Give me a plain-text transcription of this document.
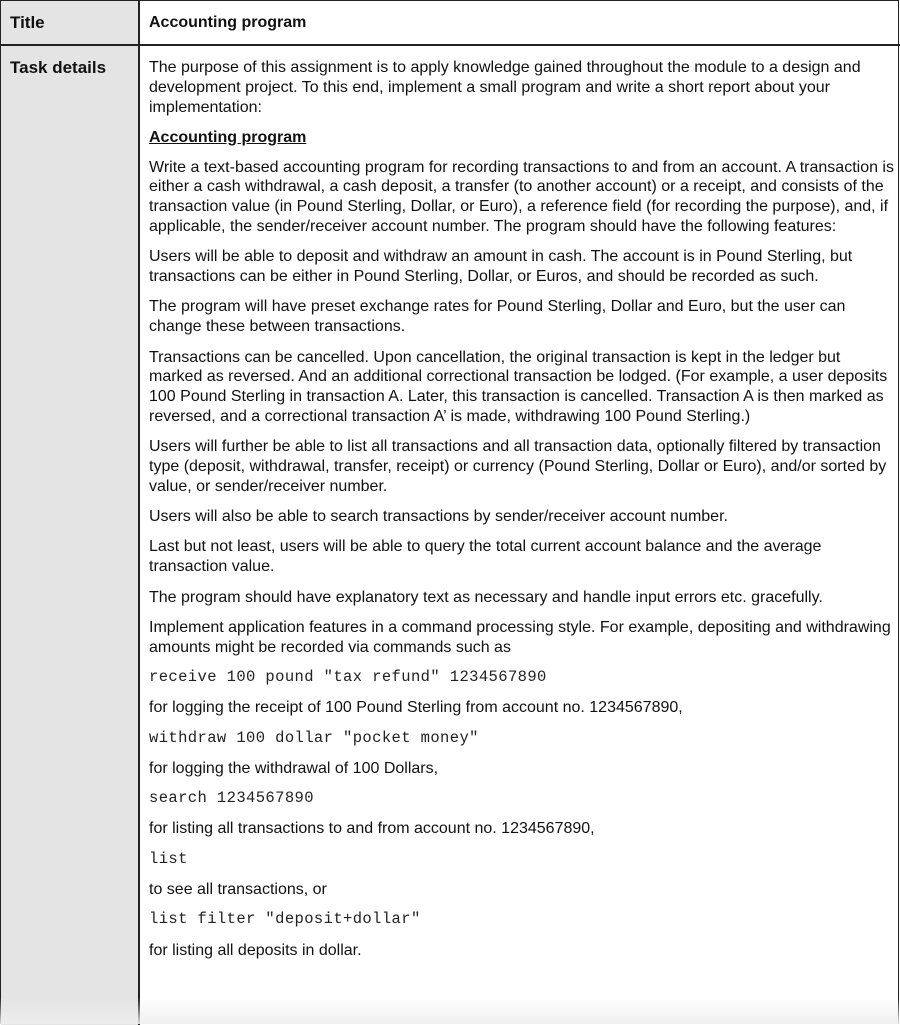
Title	Accounting program
Task details	The purpose of this assignment is to apply knowledge gained throughout the module to a design and development project. To this end, implement a small program and write a short report about your implementation:

Accounting program

Write a text-based accounting program for recording transactions to and from an account. A transaction is either a cash withdrawal, a cash deposit, a transfer (to another account) or a receipt, and consists of the transaction value (in Pound Sterling, Dollar, or Euro), a reference field (for recording the purpose), and, if applicable, the sender/receiver account number. The program should have the following features:

Users will be able to deposit and withdraw an amount in cash. The account is in Pound Sterling, but transactions can be either in Pound Sterling, Dollar, or Euros, and should be recorded as such.

The program will have preset exchange rates for Pound Sterling, Dollar and Euro, but the user can change these between transactions.

Transactions can be cancelled. Upon cancellation, the original transaction is kept in the ledger but marked as reversed. And an additional correctional transaction be lodged. (For example, a user deposits 100 Pound Sterling in transaction A. Later, this transaction is cancelled. Transaction A is then marked as reversed, and a correctional transaction A’ is made, withdrawing 100 Pound Sterling.)

Users will further be able to list all transactions and all transaction data, optionally filtered by transaction type (deposit, withdrawal, transfer, receipt) or currency (Pound Sterling, Dollar or Euro), and/or sorted by value, or sender/receiver number.

Users will also be able to search transactions by sender/receiver account number.

Last but not least, users will be able to query the total current account balance and the average transaction value.

The program should have explanatory text as necessary and handle input errors etc. gracefully.

Implement application features in a command processing style. For example, depositing and withdrawing amounts might be recorded via commands such as

receive 100 pound "tax refund" 1234567890

for logging the receipt of 100 Pound Sterling from account no. 1234567890,

withdraw 100 dollar "pocket money"

for logging the withdrawal of 100 Dollars,

search 1234567890

for listing all transactions to and from account no. 1234567890,

list

to see all transactions, or

list filter "deposit+dollar"

for listing all deposits in dollar.
